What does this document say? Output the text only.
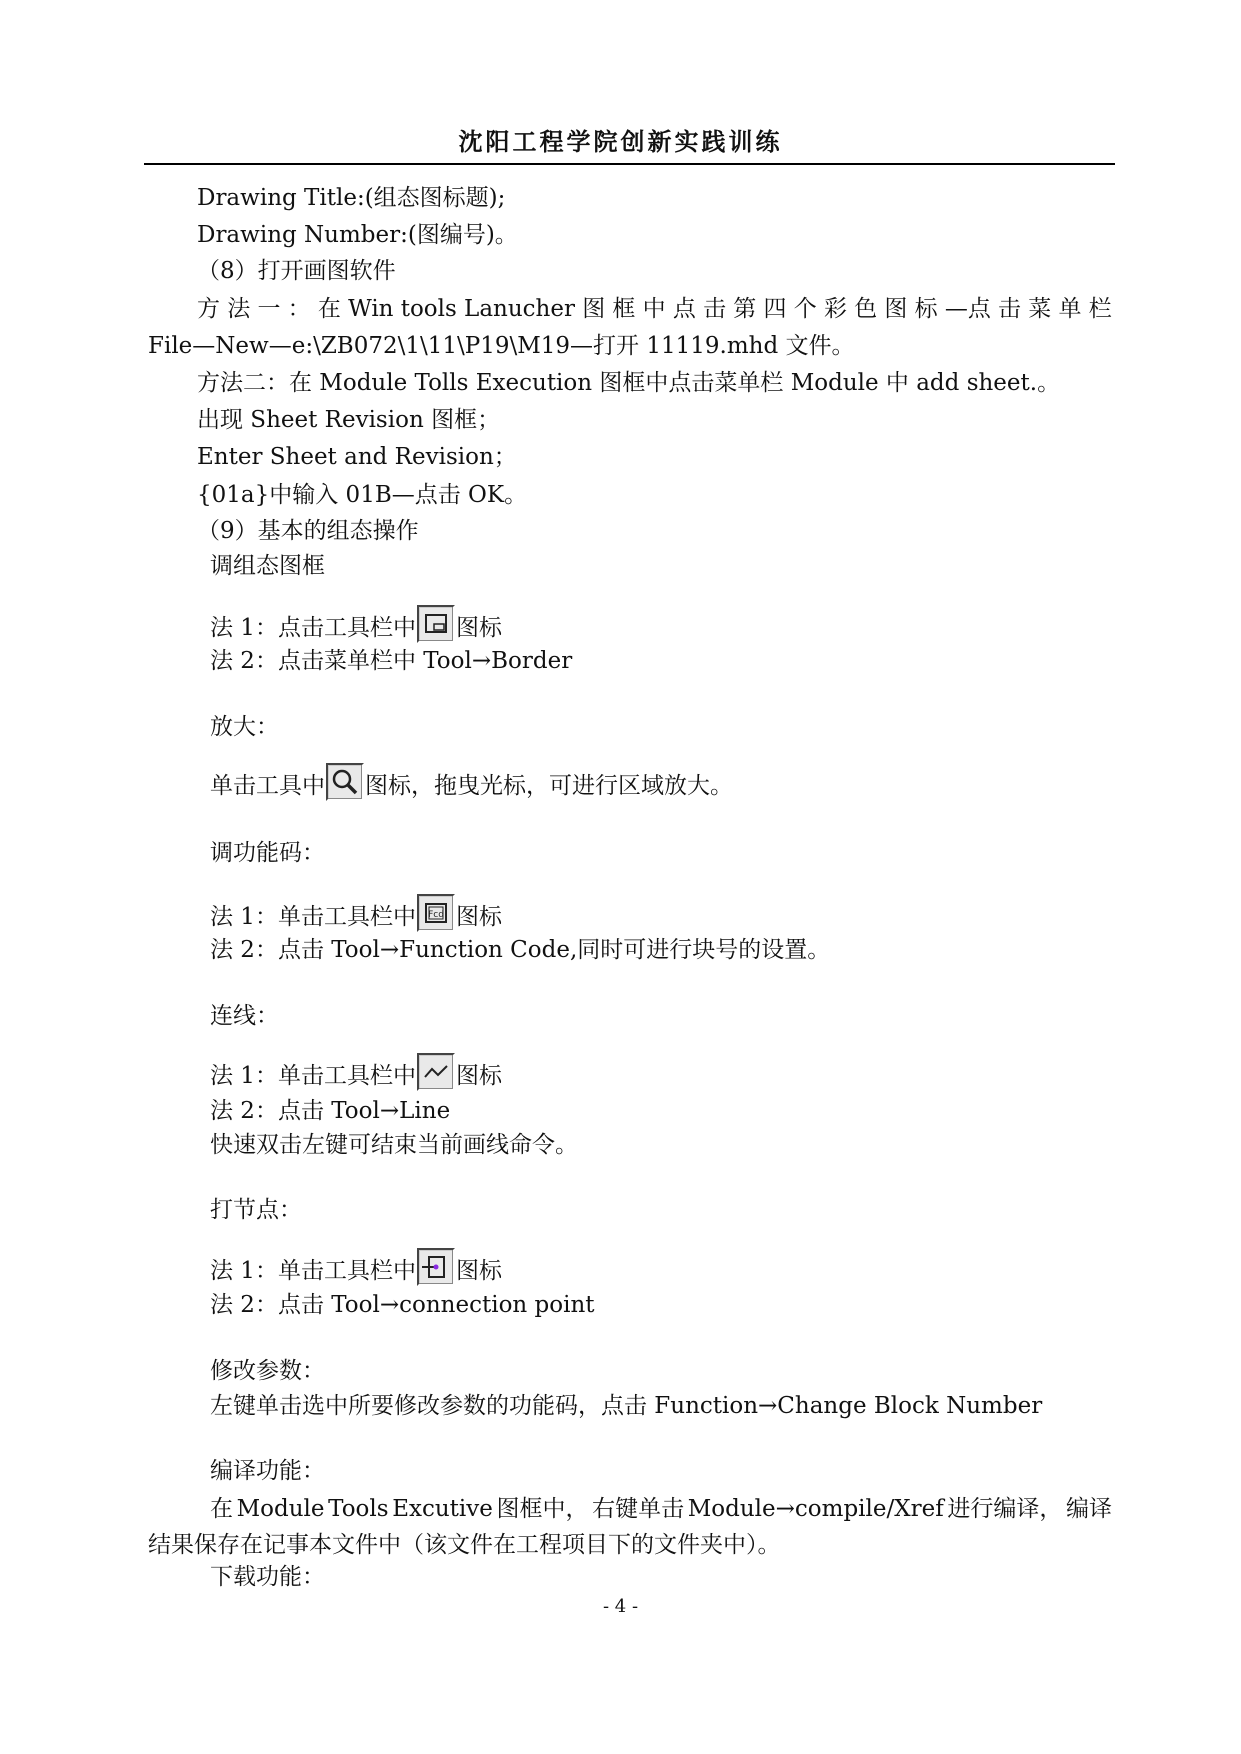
沈阳工程学院创新实践训练
Drawing Title:(组态图标题);
Drawing Number:(图编号)。
（8）打开画图软件
方 法 一 ： 在 Win tools Lanucher 图 框 中 点 击 第 四 个 彩 色 图 标 —点 击 菜 单 栏
File—New—e:\ZB072\1\11\P19\M19—打开 11119.mhd 文件。
方法二：在 Module Tolls Execution 图框中点击菜单栏 Module 中 add sheet.。
出现 Sheet Revision 图框；
Enter Sheet and Revision；
{01a}中输入 01B—点击 OK。
（9）基本的组态操作
调组态图框
法 1：点击工具栏中 图标
法 2：点击菜单栏中 Tool→Border
放大：
单击工具中 图标，拖曳光标，可进行区域放大。
调功能码：
法 1：单击工具栏中 Fcd 图标
法 2：点击 Tool→Function Code,同时可进行块号的设置。
连线：
法 1：单击工具栏中 图标
法 2：点击 Tool→Line
快速双击左键可结束当前画线命令。
打节点：
法 1：单击工具栏中 图标
法 2：点击 Tool→connection point
修改参数：
左键单击选中所要修改参数的功能码，点击 Function→Change Block Number
编译功能：
在 Module Tools Excutive 图框中， 右键单击 Module→compile/Xref 进行编译， 编译
结果保存在记事本文件中（该文件在工程项目下的文件夹中）。
下载功能：
- 4 -
